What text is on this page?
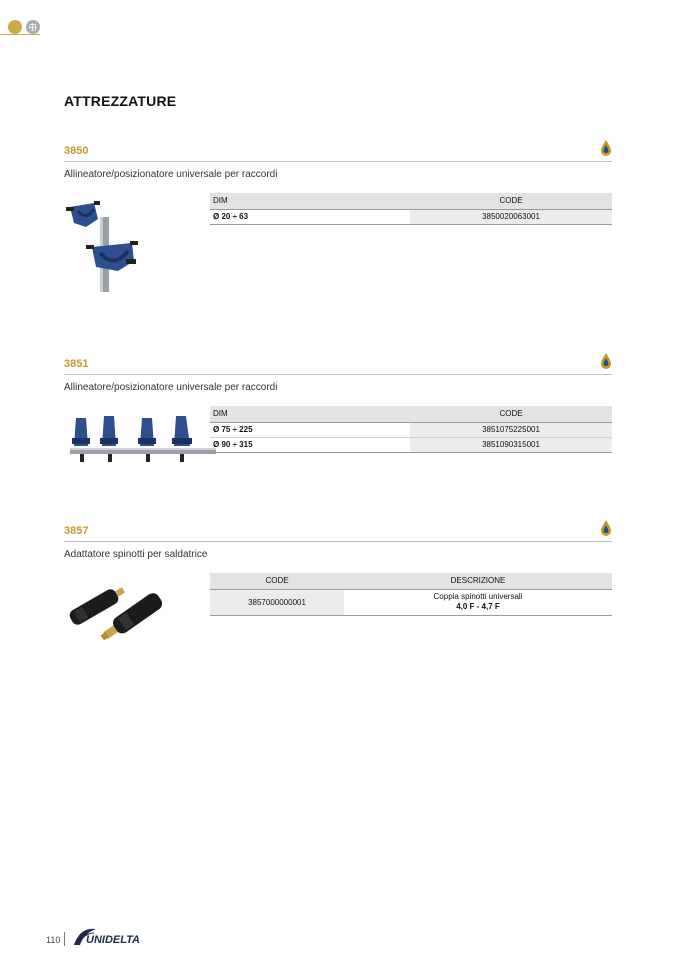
ATTREZZATURE
3850
Allineatore/posizionatore universale per raccordi
DIM	CODE
Ø 20 ÷ 63	3850020063001
3851
Allineatore/posizionatore universale per raccordi
DIM	CODE
Ø 75 ÷ 225	3851075225001
Ø 90 ÷ 315	3851090315001
3857
Adattatore spinotti per saldatrice
CODE	DESCRIZIONE
3857000000001	Coppia spinotti universali
4,0 F - 4,7 F
110 UNIDELTA
